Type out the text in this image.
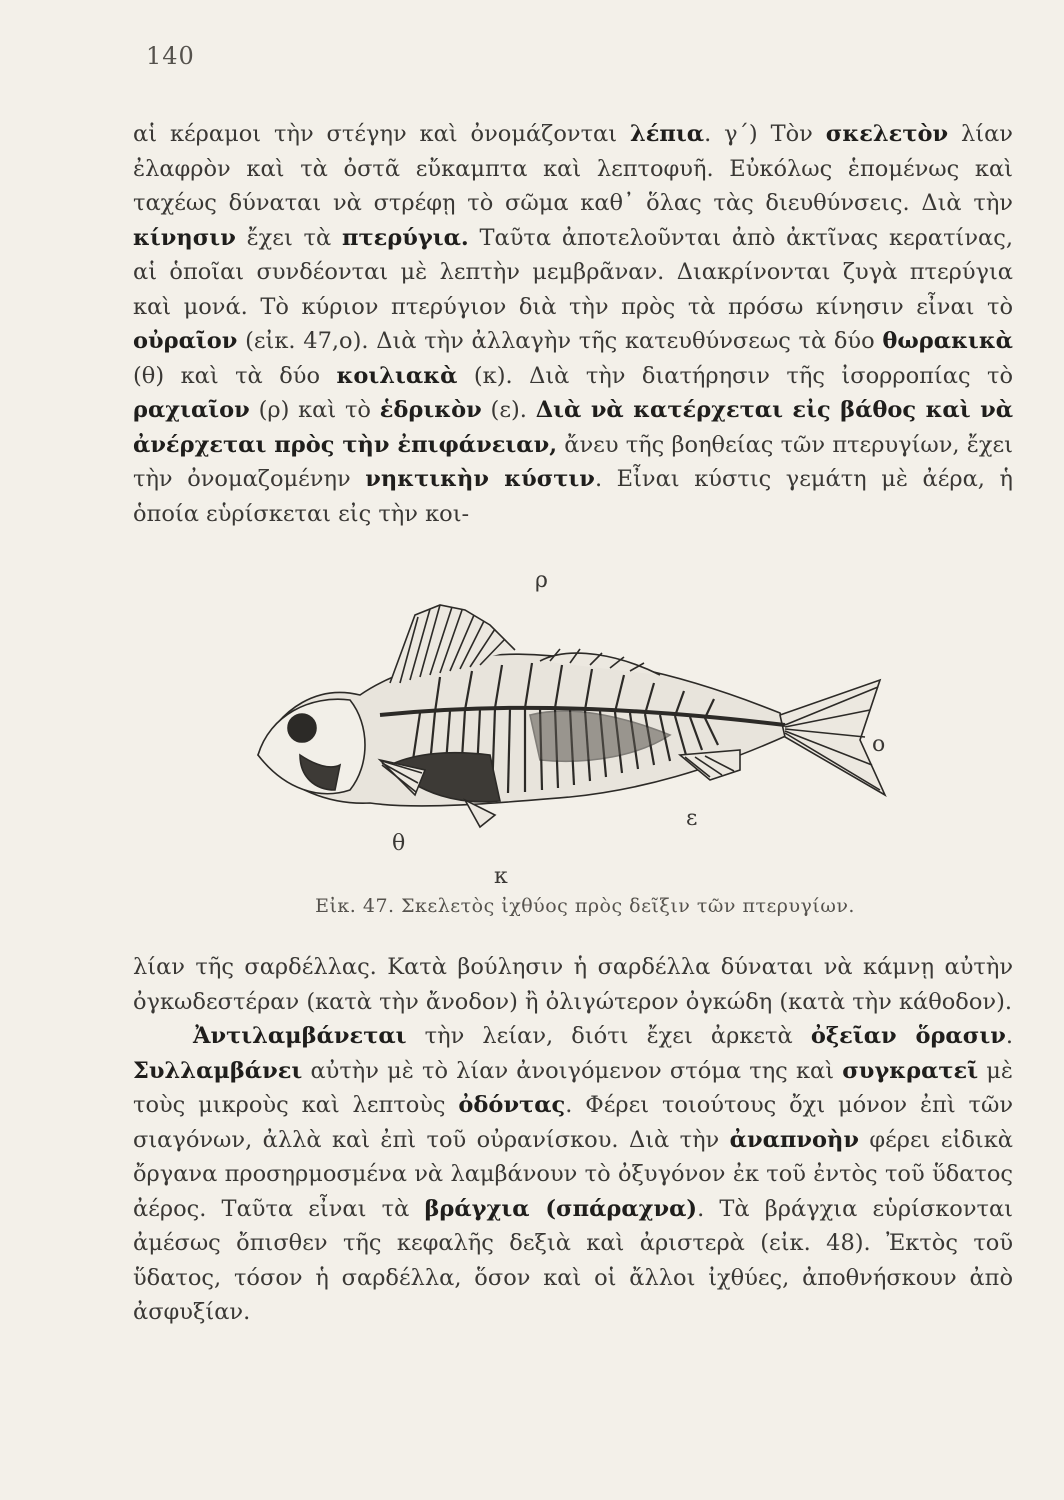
140

αἱ κέραμοι τὴν στέγην καὶ ὀνομάζονται λέπια. γ΄) Τὸν σκελετὸν λίαν ἐλαφρὸν καὶ τὰ ὀστᾶ εὔκαμπτα καὶ λεπτοφυῆ. Εὐκόλως ἑπομένως καὶ ταχέως δύναται νὰ στρέφῃ τὸ σῶμα καθ᾽ ὅλας τὰς διευθύνσεις. Διὰ τὴν κίνησιν ἔχει τὰ πτερύγια. Ταῦτα ἀποτελοῦνται ἀπὸ ἀκτῖνας κερατίνας, αἱ ὁποῖαι συνδέονται μὲ λεπτὴν μεμβρᾶναν. Διακρίνονται ζυγὰ πτερύγια καὶ μονά. Τὸ κύριον πτερύγιον διὰ τὴν πρὸς τὰ πρόσω κίνησιν εἶναι τὸ οὐραῖον (εἰκ. 47,ο). Διὰ τὴν ἀλλαγὴν τῆς κατευθύνσεως τὰ δύο θωρακικὰ (θ) καὶ τὰ δύο κοιλιακὰ (κ). Διὰ τὴν διατήρησιν τῆς ἰσορροπίας τὸ ραχιαῖον (ρ) καὶ τὸ ἑδρικὸν (ε). Διὰ νὰ κατέρχεται εἰς βάθος καὶ νὰ ἀνέρχεται πρὸς τὴν ἐπιφάνειαν, ἄνευ τῆς βοηθείας τῶν πτερυγίων, ἔχει τὴν ὀνομαζομένην νηκτικὴν κύστιν. Εἶναι κύστις γεμάτη μὲ ἀέρα, ἡ ὁποία εὑρίσκεται εἰς τὴν κοι-

ρ
ο
ε
θ
κ
Εἰκ. 47. Σκελετὸς ἰχθύος πρὸς δεῖξιν τῶν πτερυγίων.

λίαν τῆς σαρδέλλας. Κατὰ βούλησιν ἡ σαρδέλλα δύναται νὰ κάμνῃ αὐτὴν ὀγκωδεστέραν (κατὰ τὴν ἄνοδον) ἢ ὀλιγώτερον ὀγκώδη (κατὰ τὴν κάθοδον).

Ἀντιλαμβάνεται τὴν λείαν, διότι ἔχει ἀρκετὰ ὀξεῖαν ὅρασιν. Συλλαμβάνει αὐτὴν μὲ τὸ λίαν ἀνοιγόμενον στόμα της καὶ συγκρατεῖ μὲ τοὺς μικροὺς καὶ λεπτοὺς ὀδόντας. Φέρει τοιούτους ὄχι μόνον ἐπὶ τῶν σιαγόνων, ἀλλὰ καὶ ἐπὶ τοῦ οὐρανίσκου. Διὰ τὴν ἀναπνοὴν φέρει εἰδικὰ ὄργανα προσηρμοσμένα νὰ λαμβάνουν τὸ ὀξυγόνον ἐκ τοῦ ἐντὸς τοῦ ὕδατος ἀέρος. Ταῦτα εἶναι τὰ βράγχια (σπάραχνα). Τὰ βράγχια εὑρίσκονται ἀμέσως ὄπισθεν τῆς κεφαλῆς δεξιὰ καὶ ἀριστερὰ (εἰκ. 48). Ἐκτὸς τοῦ ὕδατος, τόσον ἡ σαρδέλλα, ὅσον καὶ οἱ ἄλλοι ἰχθύες, ἀποθνήσκουν ἀπὸ ἀσφυξίαν.
